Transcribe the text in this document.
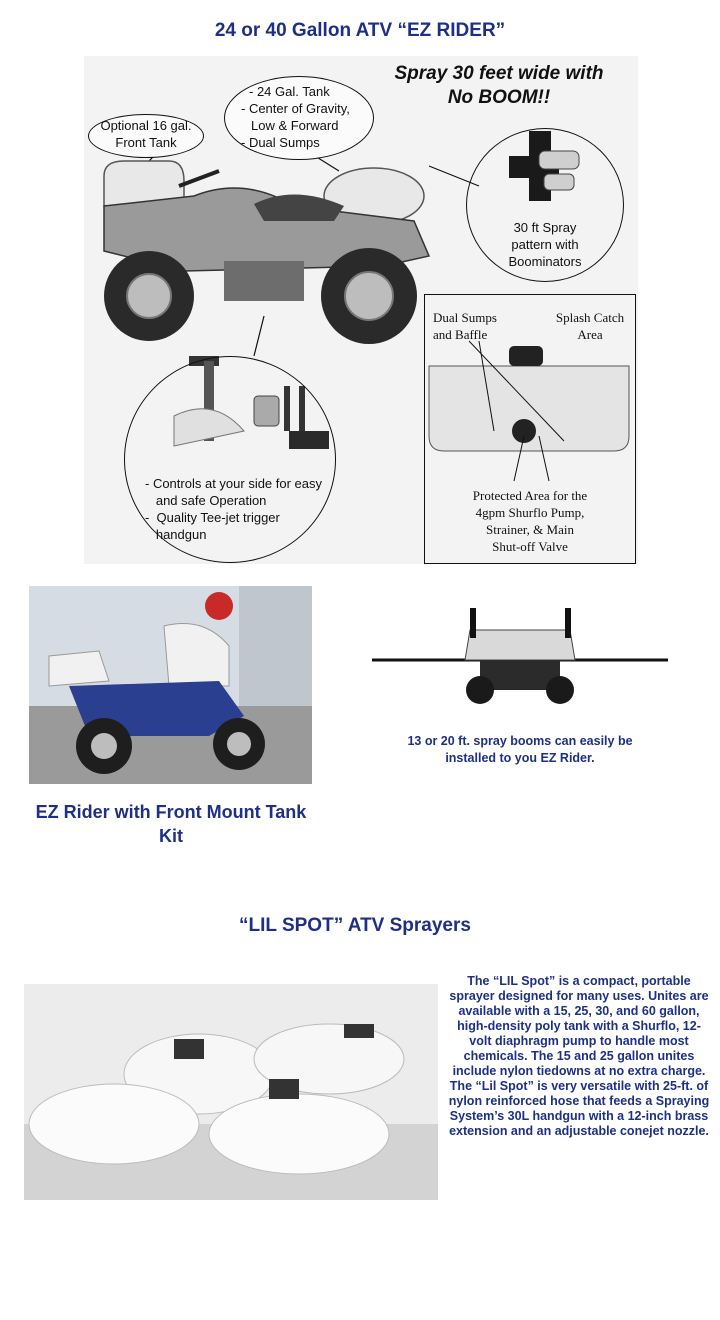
24 or 40 Gallon ATV “EZ RIDER”
Spray 30 feet wide with
No BOOM!!
Optional 16 gal.
Front Tank
- 24 Gal. Tank
- Center of Gravity,
Low & Forward
- Dual Sumps
30 ft Spray
pattern with
Boominators
- Controls at your side for easy
and safe Operation
-  Quality Tee-jet trigger
handgun
Dual Sumps and Baffle
Splash Catch Area
Protected Area for the
4gpm Shurflo Pump,
Strainer, & Main
Shut-off Valve
13 or 20 ft. spray booms can easily be installed to you EZ Rider.
EZ Rider with Front Mount Tank Kit
“LIL SPOT” ATV Sprayers
The “LIL Spot” is a compact, portable sprayer designed for many uses. Unites are available with a 15, 25, 30, and 60 gallon, high-density poly tank with a Shurflo, 12-volt diaphragm pump to handle most chemicals. The 15 and 25 gallon unites include nylon tiedowns at no extra charge. The “Lil Spot” is very versatile with 25-ft. of nylon reinforced hose that feeds a Spraying System’s 30L handgun with a 12-inch brass extension and an adjustable conejet nozzle.
